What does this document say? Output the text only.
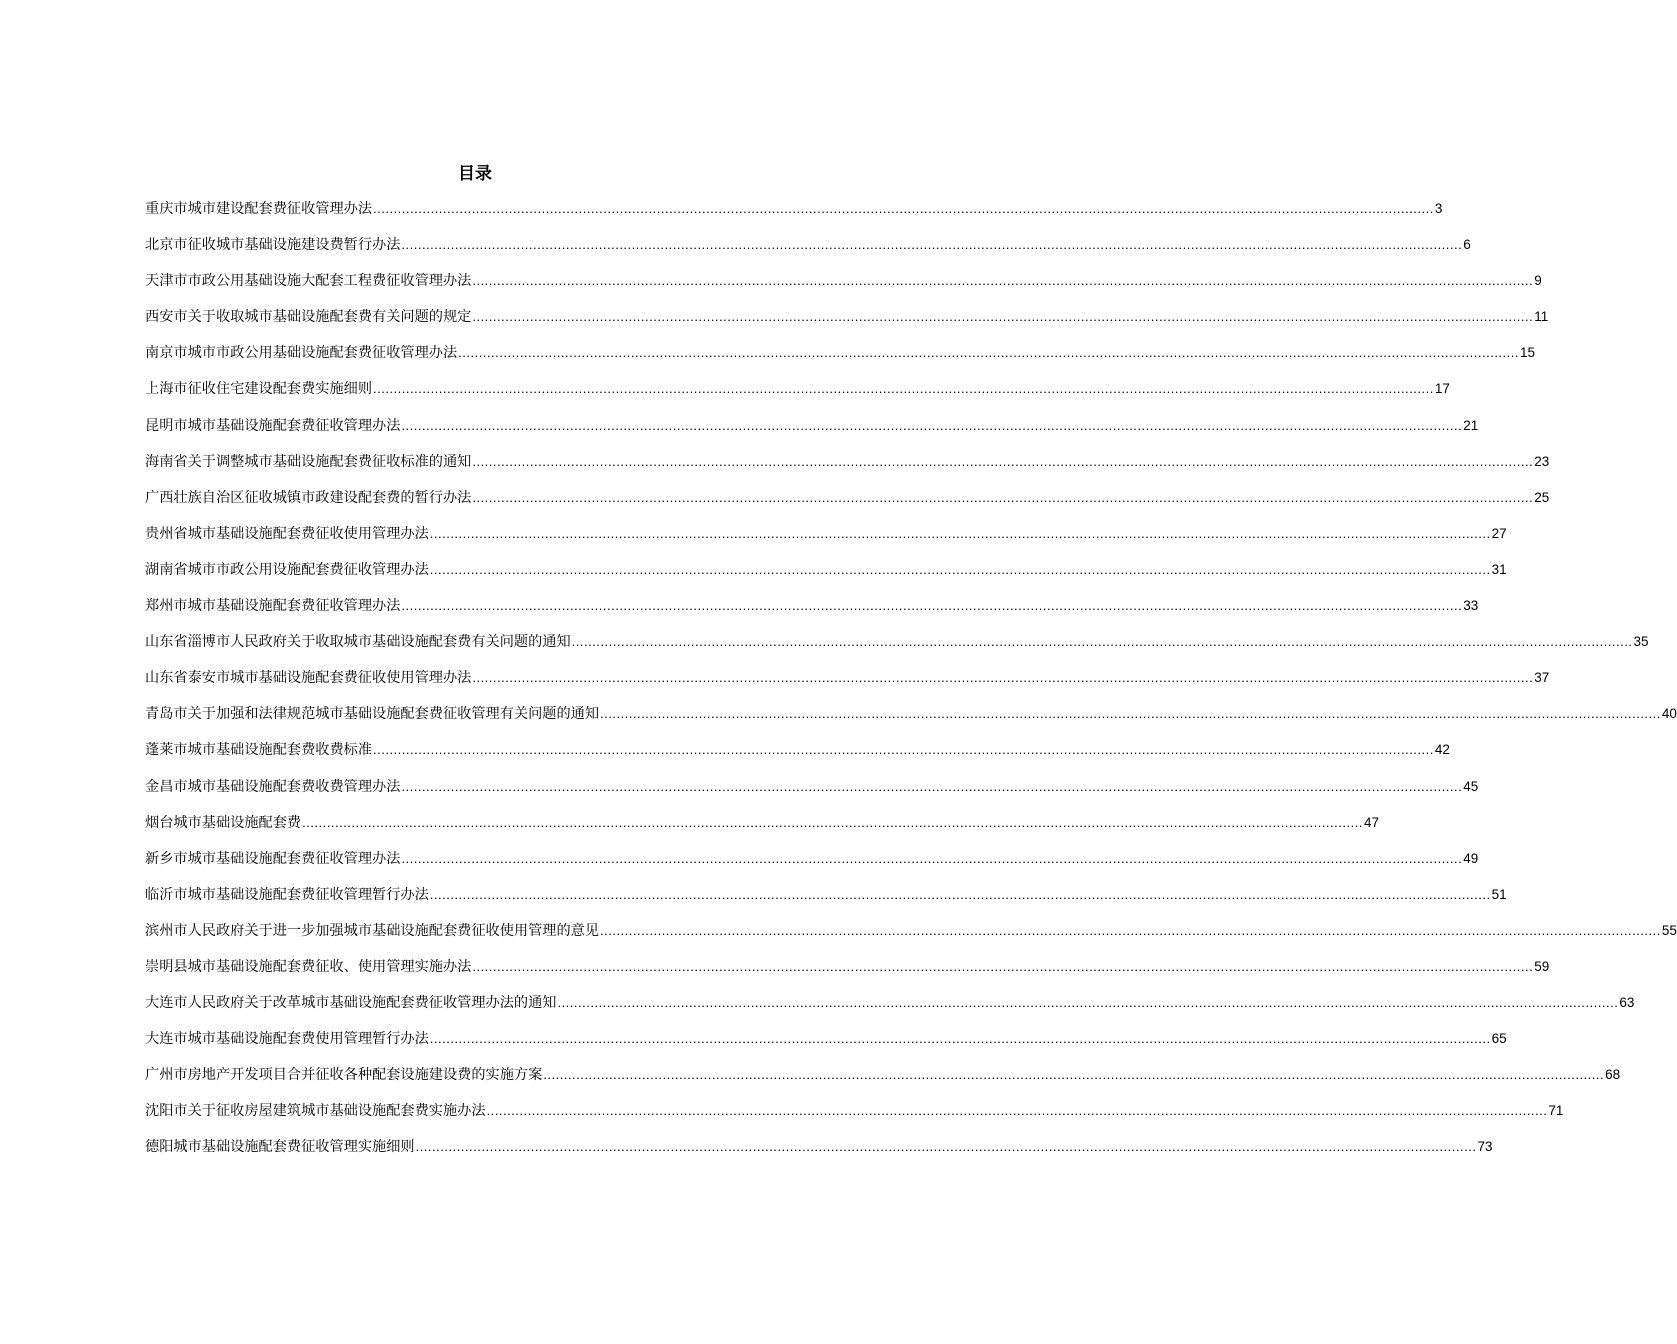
目录
重庆市城市建设配套费征收管理办法 .................................................................................................................................................................................................................................................................. 3
北京市征收城市基础设施建设费暂行办法 .................................................................................................................................................................................................................................................................. 6
天津市市政公用基础设施大配套工程费征收管理办法 .................................................................................................................................................................................................................................................................. 9
西安市关于收取城市基础设施配套费有关问题的规定 .................................................................................................................................................................................................................................................................. 11
南京市城市市政公用基础设施配套费征收管理办法 .................................................................................................................................................................................................................................................................. 15
上海市征收住宅建设配套费实施细则 .................................................................................................................................................................................................................................................................. 17
昆明市城市基础设施配套费征收管理办法 .................................................................................................................................................................................................................................................................. 21
海南省关于调整城市基础设施配套费征收标准的通知 .................................................................................................................................................................................................................................................................. 23
广西壮族自治区征收城镇市政建设配套费的暂行办法 .................................................................................................................................................................................................................................................................. 25
贵州省城市基础设施配套费征收使用管理办法 .................................................................................................................................................................................................................................................................. 27
湖南省城市市政公用设施配套费征收管理办法 .................................................................................................................................................................................................................................................................. 31
郑州市城市基础设施配套费征收管理办法 .................................................................................................................................................................................................................................................................. 33
山东省淄博市人民政府关于收取城市基础设施配套费有关问题的通知 .................................................................................................................................................................................................................................................................. 35
山东省泰安市城市基础设施配套费征收使用管理办法 .................................................................................................................................................................................................................................................................. 37
青岛市关于加强和法律规范城市基础设施配套费征收管理有关问题的通知 .................................................................................................................................................................................................................................................................. 40
蓬莱市城市基础设施配套费收费标准 .................................................................................................................................................................................................................................................................. 42
金昌市城市基础设施配套费收费管理办法 .................................................................................................................................................................................................................................................................. 45
烟台城市基础设施配套费 .................................................................................................................................................................................................................................................................. 47
新乡市城市基础设施配套费征收管理办法 .................................................................................................................................................................................................................................................................. 49
临沂市城市基础设施配套费征收管理暂行办法 .................................................................................................................................................................................................................................................................. 51
滨州市人民政府关于进一步加强城市基础设施配套费征收使用管理的意见 .................................................................................................................................................................................................................................................................. 55
崇明县城市基础设施配套费征收、使用管理实施办法 .................................................................................................................................................................................................................................................................. 59
大连市人民政府关于改革城市基础设施配套费征收管理办法的通知 .................................................................................................................................................................................................................................................................. 63
大连市城市基础设施配套费使用管理暂行办法 .................................................................................................................................................................................................................................................................. 65
广州市房地产开发项目合并征收各种配套设施建设费的实施方案 .................................................................................................................................................................................................................................................................. 68
沈阳市关于征收房屋建筑城市基础设施配套费实施办法 .................................................................................................................................................................................................................................................................. 71
德阳城市基础设施配套费征收管理实施细则 .................................................................................................................................................................................................................................................................. 73
